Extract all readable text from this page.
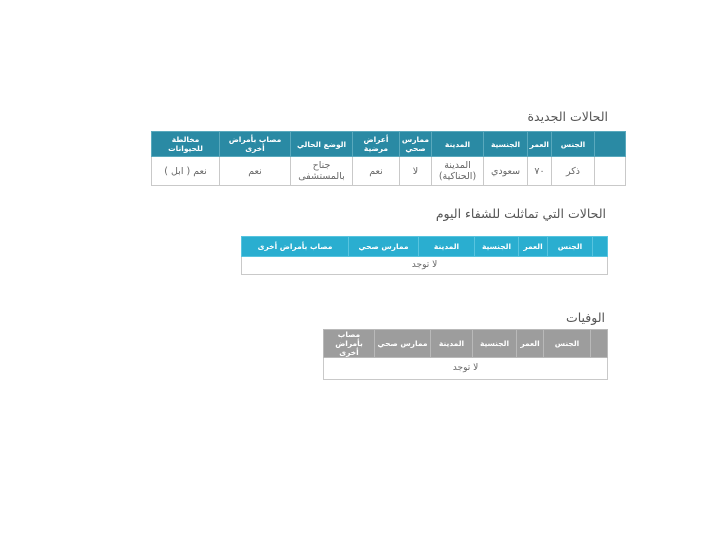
الحالات الجديدة
	الجنس	العمر	الجنسية	المدينة	ممارس صحي	أعراض مرضية	الوضع الحالي	مصاب بأمراض أخرى	مخالطة للحيوانات
	ذكر	٧٠	سعودي	المدينة (الحناكية)	لا	نعم	جناح بالمستشفى	نعم	نعم ( ابل )
الحالات التي تماثلت للشفاء اليوم
	الجنس	العمر	الجنسية	المدينة	ممارس صحي	مصاب بأمراض أخرى
لا توجد
الوفيات
	الجنس	العمر	الجنسية	المدينة	ممارس صحي	مصاب بأمراض أخرى
لا توجد
